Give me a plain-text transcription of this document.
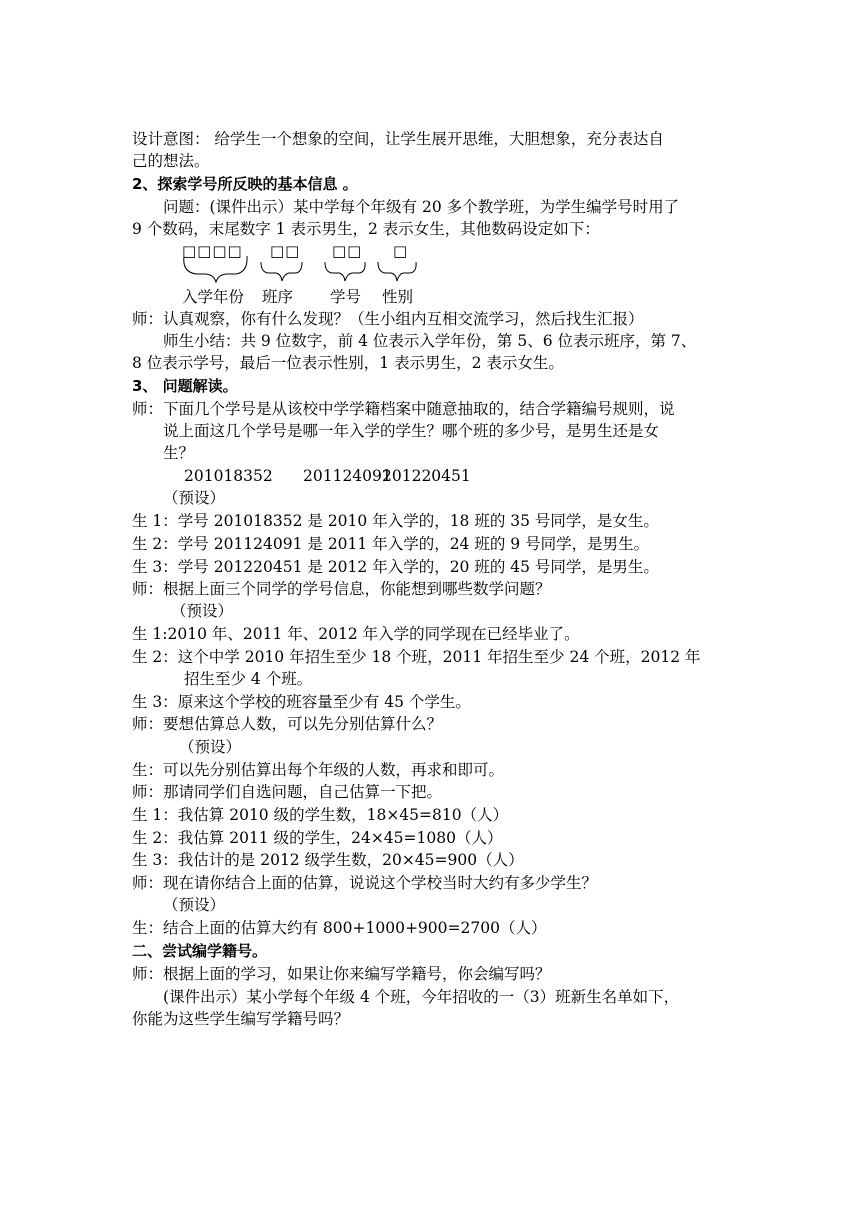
设计意图： 给学生一个想象的空间，让学生展开思维，大胆想象，充分表达自
己的想法。
2、探索学号所反映的基本信息 。
问题：(课件出示）某中学每个年级有 20 多个教学班，为学生编学号时用了
9 个数码，末尾数字 1 表示男生，2 表示女生，其他数码设定如下：
□□□□ □□ □□ □
入学年份 班序 学号 性别
师：认真观察，你有什么发现？（生小组内互相交流学习，然后找生汇报）
师生小结：共 9 位数字，前 4 位表示入学年份，第 5、6 位表示班序，第 7、
8 位表示学号，最后一位表示性别，1 表示男生，2 表示女生。
3、 问题解读。
师：下面几个学号是从该校中学学籍档案中随意抽取的，结合学籍编号规则，说
说上面这几个学号是哪一年入学的学生？哪个班的多少号，是男生还是女
生？
201018352 201124091
201220451
（预设）
生 1：学号 201018352 是 2010 年入学的，18 班的 35 号同学，是女生。
生 2：学号 201124091 是 2011 年入学的，24 班的 9 号同学，是男生。
生 3：学号 201220451 是 2012 年入学的，20 班的 45 号同学，是男生。
师：根据上面三个同学的学号信息，你能想到哪些数学问题？
（预设）
生 1:2010 年、2011 年、2012 年入学的同学现在已经毕业了。
生 2：这个中学 2010 年招生至少 18 个班，2011 年招生至少 24 个班，2012 年
招生至少 4 个班。
生 3：原来这个学校的班容量至少有 45 个学生。
师：要想估算总人数，可以先分别估算什么？
（预设）
生：可以先分别估算出每个年级的人数，再求和即可。
师：那请同学们自选问题，自己估算一下把。
生 1：我估算 2010 级的学生数，18×45=810（人）
生 2：我估算 2011 级的学生，24×45=1080（人）
生 3：我估计的是 2012 级学生数，20×45=900（人）
师：现在请你结合上面的估算，说说这个学校当时大约有多少学生？
（预设）
生：结合上面的估算大约有 800+1000+900=2700（人）
二、尝试编学籍号。
师：根据上面的学习，如果让你来编写学籍号，你会编写吗？
(课件出示）某小学每个年级 4 个班，今年招收的一（3）班新生名单如下，
你能为这些学生编写学籍号吗？
